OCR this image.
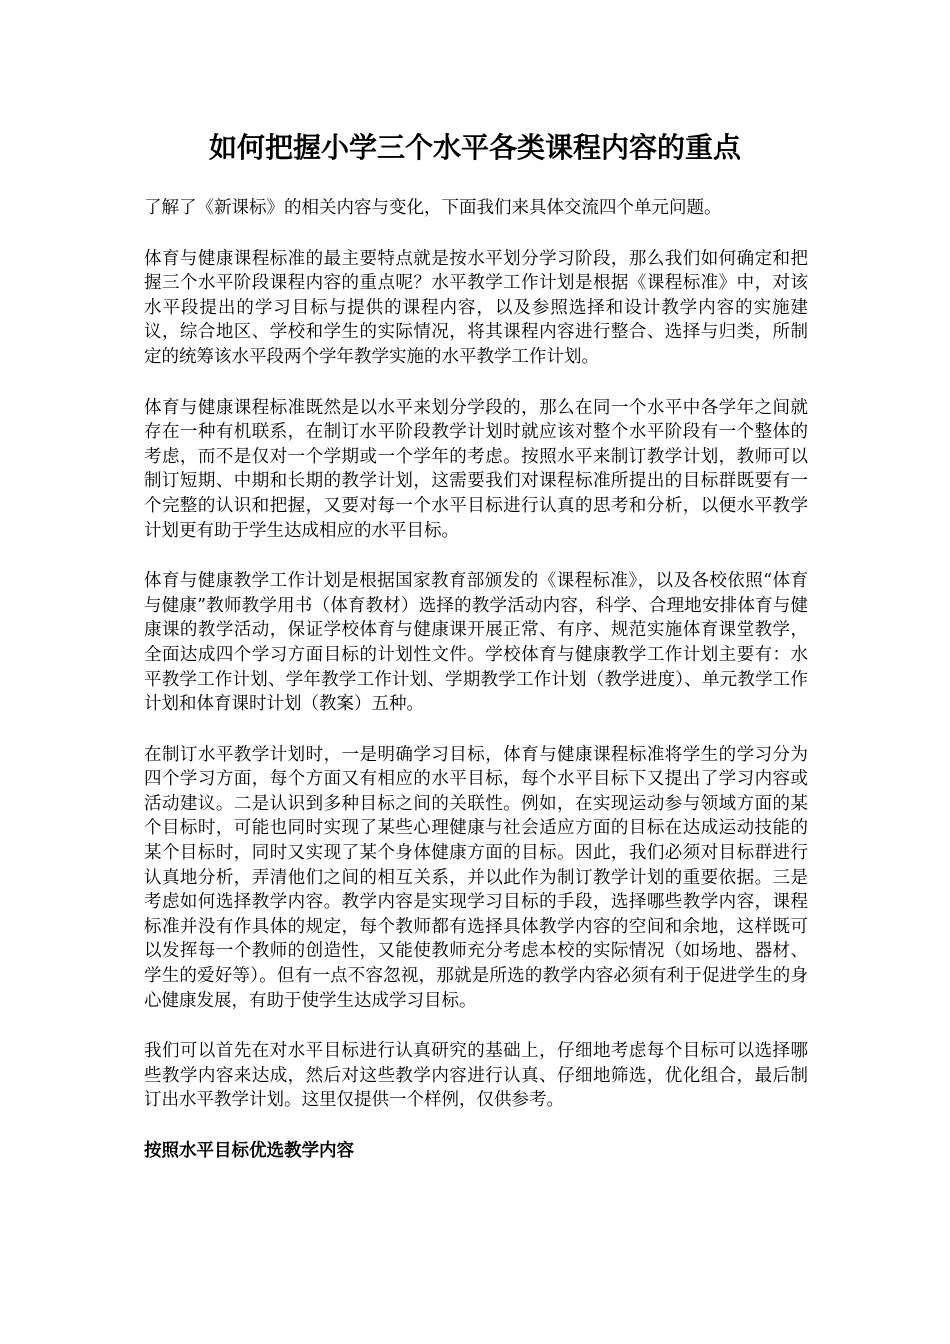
如何把握小学三个水平各类课程内容的重点

了解了《新课标》的相关内容与变化，下面我们来具体交流四个单元问题。

体育与健康课程标准的最主要特点就是按水平划分学习阶段，那么我们如何确定和把握三个水平阶段课程内容的重点呢？水平教学工作计划是根据《课程标准》中，对该水平段提出的学习目标与提供的课程内容，以及参照选择和设计教学内容的实施建议，综合地区、学校和学生的实际情况，将其课程内容进行整合、选择与归类，所制定的统筹该水平段两个学年教学实施的水平教学工作计划。

体育与健康课程标准既然是以水平来划分学段的，那么在同一个水平中各学年之间就存在一种有机联系，在制订水平阶段教学计划时就应该对整个水平阶段有一个整体的考虑，而不是仅对一个学期或一个学年的考虑。按照水平来制订教学计划，教师可以制订短期、中期和长期的教学计划，这需要我们对课程标准所提出的目标群既要有一个完整的认识和把握，又要对每一个水平目标进行认真的思考和分析，以便水平教学计划更有助于学生达成相应的水平目标。

体育与健康教学工作计划是根据国家教育部颁发的《课程标准》，以及各校依照“体育与健康”教师教学用书（体育教材）选择的教学活动内容，科学、合理地安排体育与健康课的教学活动，保证学校体育与健康课开展正常、有序、规范实施体育课堂教学，全面达成四个学习方面目标的计划性文件。学校体育与健康教学工作计划主要有：水平教学工作计划、学年教学工作计划、学期教学工作计划（教学进度）、单元教学工作计划和体育课时计划（教案）五种。

在制订水平教学计划时，一是明确学习目标，体育与健康课程标准将学生的学习分为四个学习方面，每个方面又有相应的水平目标，每个水平目标下又提出了学习内容或活动建议。二是认识到多种目标之间的关联性。例如，在实现运动参与领域方面的某个目标时，可能也同时实现了某些心理健康与社会适应方面的目标在达成运动技能的某个目标时，同时又实现了某个身体健康方面的目标。因此，我们必须对目标群进行认真地分析，弄清他们之间的相互关系，并以此作为制订教学计划的重要依据。三是考虑如何选择教学内容。教学内容是实现学习目标的手段，选择哪些教学内容，课程标准并没有作具体的规定，每个教师都有选择具体教学内容的空间和余地，这样既可以发挥每一个教师的创造性，又能使教师充分考虑本校的实际情况（如场地、器材、学生的爱好等）。但有一点不容忽视，那就是所选的教学内容必须有利于促进学生的身心健康发展，有助于使学生达成学习目标。

我们可以首先在对水平目标进行认真研究的基础上，仔细地考虑每个目标可以选择哪些教学内容来达成，然后对这些教学内容进行认真、仔细地筛选，优化组合，最后制订出水平教学计划。这里仅提供一个样例，仅供参考。

按照水平目标优选教学内容
